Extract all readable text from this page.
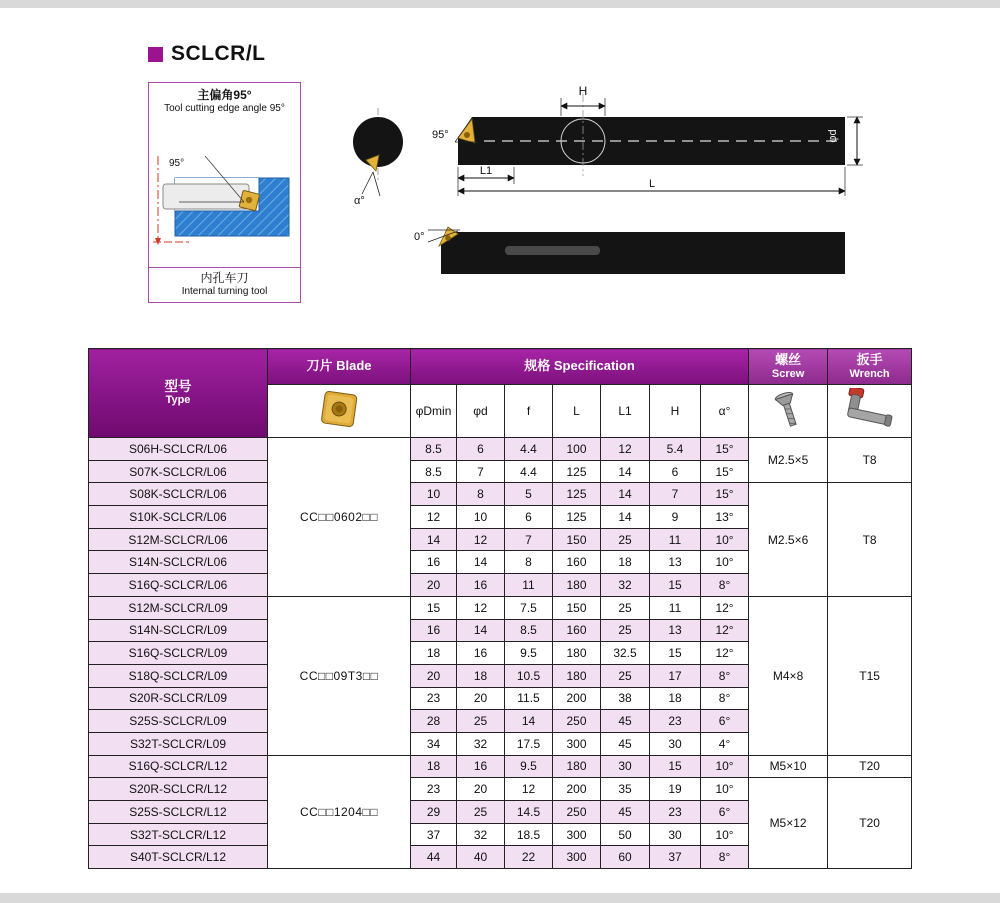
SCLCR/L
主偏角95°
Tool cutting edge angle 95°
95°
内孔车刀
Internal turning tool
α°
95°
H
φd
L1
L
0°
型号
Type
	刀片 Blade	规格 Specification	螺丝
Screw

扳手
Wrench

	φDmin	φd	f	L	L1	H	α°		
S06H-SCLCR/L06	CC□□0602□□	8.5	6	4.4	100	12	5.4	15°	M2.5×5	T8
S07K-SCLCR/L06		8.5	7	4.4	125	14	6	15°		
S08K-SCLCR/L06		10	8	5	125	14	7	15°	M2.5×6	T8
S10K-SCLCR/L06		12	10	6	125	14	9	13°		
S12M-SCLCR/L06		14	12	7	150	25	11	10°		
S14N-SCLCR/L06		16	14	8	160	18	13	10°		
S16Q-SCLCR/L06		20	16	11	180	32	15	8°		
S12M-SCLCR/L09	CC□□09T3□□	15	12	7.5	150	25	11	12°	M4×8	T15
S14N-SCLCR/L09		16	14	8.5	160	25	13	12°		
S16Q-SCLCR/L09		18	16	9.5	180	32.5	15	12°		
S18Q-SCLCR/L09		20	18	10.5	180	25	17	8°		
S20R-SCLCR/L09		23	20	11.5	200	38	18	8°		
S25S-SCLCR/L09		28	25	14	250	45	23	6°		
S32T-SCLCR/L09		34	32	17.5	300	45	30	4°		
S16Q-SCLCR/L12	CC□□1204□□	18	16	9.5	180	30	15	10°	M5×10	T20
S20R-SCLCR/L12		23	20	12	200	35	19	10°	M5×12	T20
S25S-SCLCR/L12		29	25	14.5	250	45	23	6°		
S32T-SCLCR/L12		37	32	18.5	300	50	30	10°		
S40T-SCLCR/L12		44	40	22	300	60	37	8°		
